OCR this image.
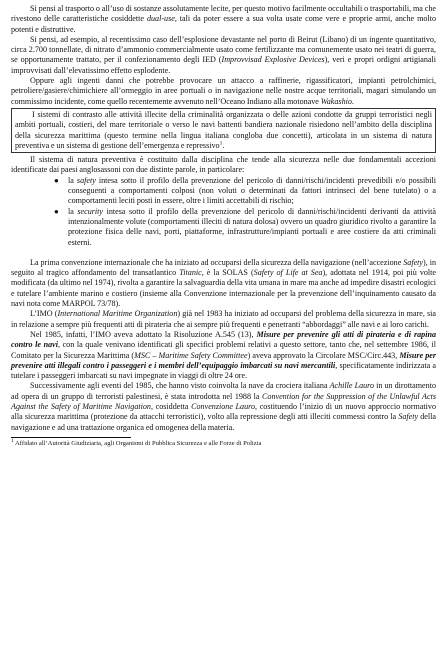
Si pensi al trasporto o all’uso di sostanze assolutamente lecite, per questo motivo facilmente occultabili o trasportabili, ma che rivestono delle caratteristiche cosiddette dual-use, tali da poter essere a sua volta usate come vere e proprie armi, anche molto potenti e distruttive.

Si pensi, ad esempio, al recentissimo caso dell’esplosione devastante nel porto di Beirut (Libano) di un ingente quantitativo, circa 2.700 tonnellate, di nitrato d’ammonio commercialmente usato come fertilizzante ma comunemente usato nei teatri di guerra, se opportunamente trattato, per il confezionamento degli IED (Improvvisad Explosive Devices), veri e propri ordigni artigianali improvvisati dall’elevatissimo effetto esplodente.

Oppure agli ingenti danni che potrebbe provocare un attacco a raffinerie, rigassificatori, impianti petrolchimici, petroliere/gasiere/chimichiere all’ormeggio in aree portuali o in navigazione nelle nostre acque territoriali, magari simulando un commissimo incidente, come quello recentemente avvenuto nell’Oceano Indiano alla motonave Wakashio.

I sistemi di contrasto alle attività illecite della criminalità organizzata o delle azioni condotte da gruppi terroristici negli ambiti portuali, costieri, del mare territoriale o verso le navi battenti bandiera nazionale risiedono nell’ambito della disciplina della sicurezza marittima (questo termine nella lingua italiana congloba due concetti), articolata in un sistema di natura preventiva e un sistema di gestione dell’emergenza e repressivo$^1$.

Il sistema di natura preventiva è costituito dalla disciplina che tende alla sicurezza nelle due fondamentali accezioni identificate dai paesi anglosassoni con due distinte parole, in particolare:

● la safety intesa sotto il profilo della prevenzione del pericolo di danni/rischi/incidenti prevedibili e/o possibili conseguenti a comportamenti colposi (non voluti o determinati da fattori intrinseci del bene tutelato) o a comportamenti leciti posti in essere, oltre i limiti accettabili di rischio;
● la security intesa sotto il profilo della prevenzione del pericolo di danni/rischi/incidenti derivanti da attività intenzionalmente volute (comportamenti illeciti di natura dolosa) ovvero un quadro giuridico rivolto a garantire la protezione fisica delle navi, porti, piattaforme, infrastrutture/impianti portuali e aree costiere da atti criminali esterni.

La prima convenzione internazionale che ha iniziato ad occuparsi della sicurezza della navigazione (nell’accezione Safety), in seguito al tragico affondamento del transatlantico Titanic, è la SOLAS (Safety of Life at Sea), adottata nel 1914, poi più volte modificata (da ultimo nel 1974), rivolta a garantire la salvaguardia della vita umana in mare ma anche ad impedire disastri ecologici e tutelare l’ambiente marino e costiero (insieme alla Convenzione internazionale per la prevenzione dell’inquinamento causato da navi nota come MARPOL 73/78).

L’IMO (International Maritime Organization) già nel 1983 ha iniziato ad occuparsi del problema della sicurezza in mare, sia in relazione a sempre più frequenti atti di pirateria che ai sempre più frequenti e penetranti “abbordaggi” alle navi e ai loro carichi.

Nel 1985, infatti, l’IMO aveva adottato la Risoluzione A.545 (13), Misure per prevenire gli atti di pirateria e di rapina contro le navi, con la quale venivano identificati gli specifici problemi relativi a questo settore, tanto che, nel settembre 1986, il Comitato per la Sicurezza Marittima (MSC – Maritime Safety Committee) aveva approvato la Circolare MSC/Circ.443, Misure per prevenire atti illegali contro i passeggeri e i membri dell’equipaggio imbarcati su navi mercantili, specificatamente indirizzata a tutelare i passeggeri imbarcati su navi impegnate in viaggi di oltre 24 ore.

Successivamente agli eventi del 1985, che hanno visto coinvolta la nave da crociera italiana Achille Lauro in un dirottamento ad opera di un gruppo di terroristi palestinesi, è stata introdotta nel 1988 la Convention for the Suppression of the Unlawful Acts Against the Safety of Maritime Navigation, cosiddetta Convenzione Lauro, costituendo l’inizio di un nuovo approccio normativo alla sicurezza marittima (protezione da attacchi terroristici), volto alla repressione degli atti illeciti commessi contro la Safety della navigazione e ad una trattazione organica ed omogenea della materia.

$^1$ Affidato all’Autorità Giudiziaria, agli Organismi di Pubblica Sicurezza e alle Forze di Polizia
